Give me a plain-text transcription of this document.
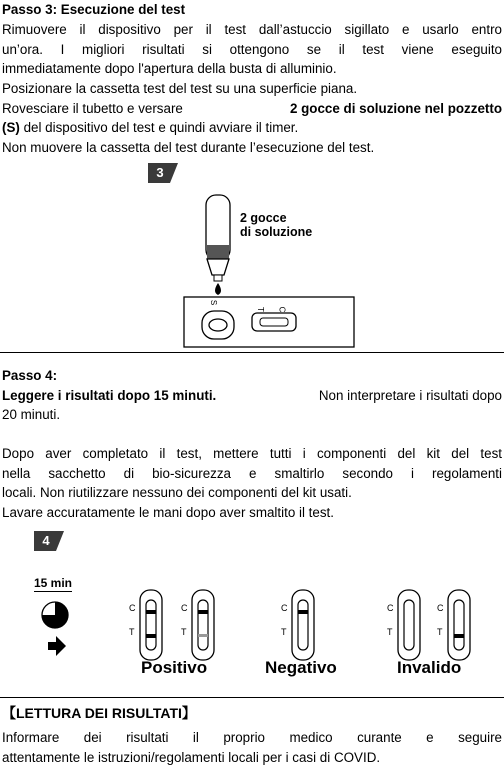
Passo 3: Esecuzione del test
Rimuovere il dispositivo per il test dall’astuccio sigillato e usarlo entro
un’ora. I migliori risultati si ottengono se il test viene eseguito
immediatamente dopo l'apertura della busta di alluminio.
Posizionare la cassetta test del test su una superficie piana.
Rovesciare il tubetto e versare	2 gocce di soluzione nel pozzetto
(S) del dispositivo del test e quindi avviare il timer.
Non muovere la cassetta del test durante l’esecuzione del test.
3
S
T C
2 gocce
di soluzione
Passo 4:
Leggere i risultati dopo 15 minuti.	Non interpretare i risultati dopo
20 minuti.
Dopo aver completato il test, mettere tutti i componenti del kit del test
nella sacchetto di bio-sicurezza e smaltirlo secondo i regolamenti
locali. Non riutilizzare nessuno dei componenti del kit usati.
Lavare accuratamente le mani dopo aver smaltito il test.
4
15 min
C
T
C
T
C
T
C
T
C
T
Positivo	Negativo	Invalido
【LETTURA DEI RISULTATI】
Informare dei risultati il proprio medico curante e seguire
attentamente le istruzioni/regolamenti locali per i casi di COVID.
